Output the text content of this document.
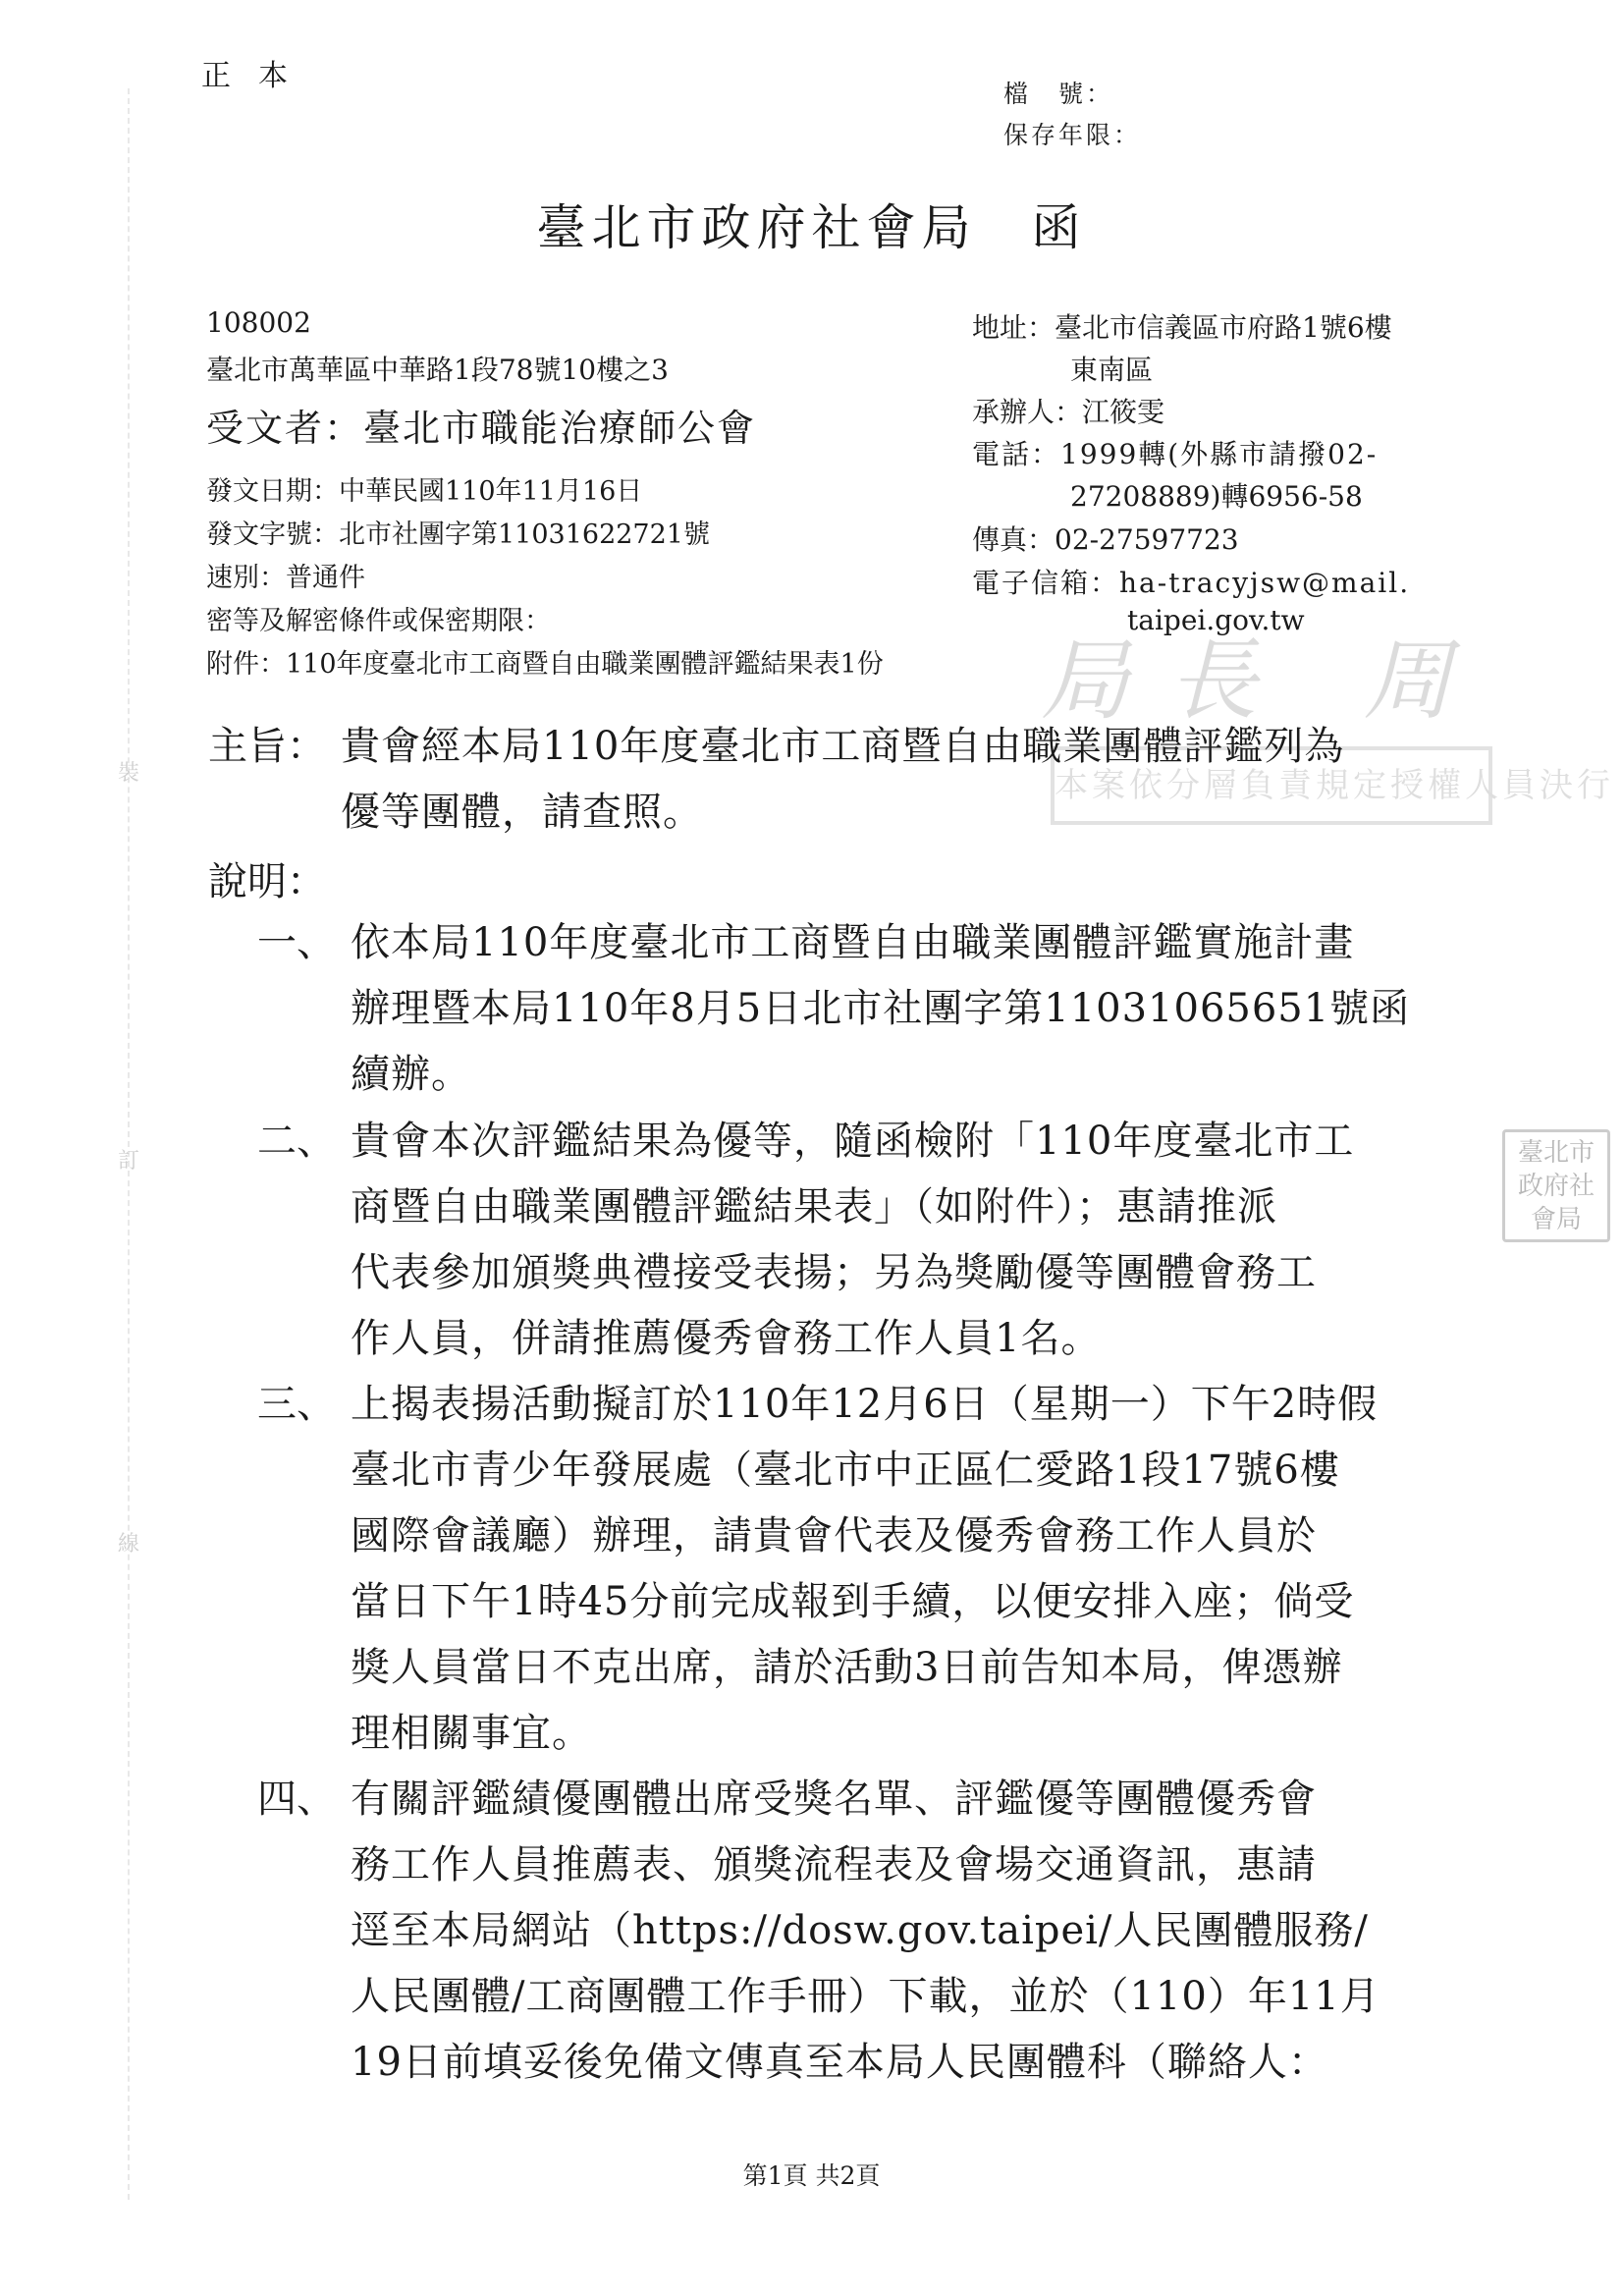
裝
訂
線
正本
檔　號：
保存年限：
臺北市政府社會局　函
108002
臺北市萬華區中華路1段78號10樓之3
受文者：臺北市職能治療師公會
發文日期：中華民國110年11月16日
發文字號：北市社團字第11031622721號
速別：普通件
密等及解密條件或保密期限：
附件：110年度臺北市工商暨自由職業團體評鑑結果表1份
地址：臺北市信義區市府路1號6樓
東南區
承辦人：江筱雯
電話：1999轉(外縣市請撥02-
27208889)轉6956-58
傳真：02-27597723
電子信箱：ha-tracyjsw@mail.
taipei.gov.tw
局長 周
本案依分層負責規定授權人員決行
臺北市政府社會局
主旨： 貴會經本局110年度臺北市工商暨自由職業團體評鑑列為
優等團體，請查照。
說明：
一、 依本局110年度臺北市工商暨自由職業團體評鑑實施計畫
辦理暨本局110年8月5日北市社團字第11031065651號函
續辦。
二、 貴會本次評鑑結果為優等，隨函檢附「110年度臺北市工
商暨自由職業團體評鑑結果表」（如附件）；惠請推派
代表參加頒獎典禮接受表揚；另為獎勵優等團體會務工
作人員，併請推薦優秀會務工作人員1名。
三、 上揭表揚活動擬訂於110年12月6日（星期一）下午2時假
臺北市青少年發展處（臺北市中正區仁愛路1段17號6樓
國際會議廳）辦理，請貴會代表及優秀會務工作人員於
當日下午1時45分前完成報到手續，以便安排入座；倘受
獎人員當日不克出席，請於活動3日前告知本局，俾憑辦
理相關事宜。
四、 有關評鑑績優團體出席受獎名單、評鑑優等團體優秀會
務工作人員推薦表、頒獎流程表及會場交通資訊，惠請
逕至本局網站（https://dosw.gov.taipei/人民團體服務/
人民團體/工商團體工作手冊）下載，並於（110）年11月
19日前填妥後免備文傳真至本局人民團體科（聯絡人：
第1頁 共2頁
